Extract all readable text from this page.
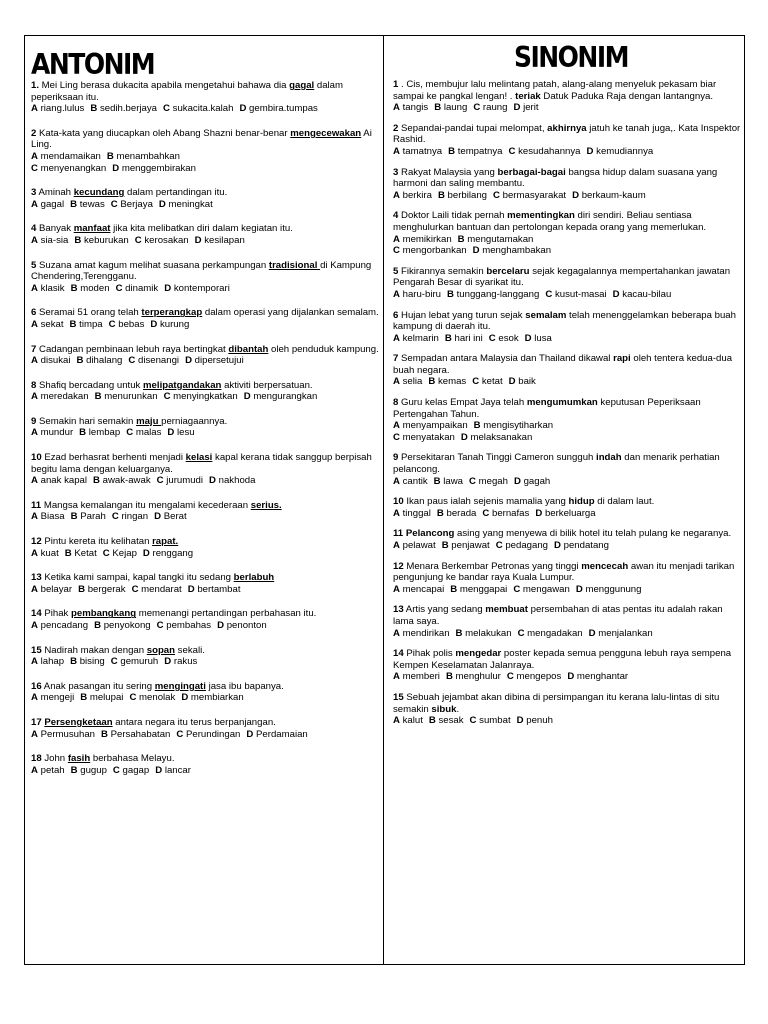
ANTONIM

1. Mei Ling berasa dukacita apabila mengetahui bahawa dia gagal dalam peperiksaan itu.

A riang.lulus B sedih.berjaya C sukacita.kalah D gembira.tumpas

2 Kata-kata yang diucapkan oleh Abang Shazni benar-benar mengecewakan Ai Ling.

A mendamaikan B menambahkan
C menyenangkan D menggembirakan

3 Aminah kecundang dalam pertandingan itu.

A gagal B tewas C Berjaya D meningkat

4 Banyak manfaat jika kita melibatkan diri dalam kegiatan itu.

A sia-sia B keburukan C kerosakan D kesilapan

5 Suzana amat kagum melihat suasana perkampungan tradisional di Kampung Chendering,Terengganu.

A klasik B moden C dinamik D kontemporari

6 Seramai 51 orang telah terperangkap dalam operasi yang dijalankan semalam.

A sekat B timpa C bebas D kurung

7 Cadangan pembinaan lebuh raya bertingkat dibantah oleh penduduk kampung.

A disukai B dihalang C disenangi D dipersetujui

8 Shafiq bercadang untuk melipatgandakan aktiviti berpersatuan.

A meredakan B menurunkan C menyingkatkan D mengurangkan

9 Semakin hari semakin maju perniagaannya.

A mundur B lembap C malas D lesu

10 Ezad berhasrat berhenti menjadi kelasi kapal kerana tidak sanggup berpisah begitu lama dengan keluarganya.

A anak kapal B awak-awak C jurumudi D nakhoda

11 Mangsa kemalangan itu mengalami kecederaan serius.

A Biasa B Parah C ringan D Berat

12 Pintu kereta itu kelihatan rapat.

A kuat B Ketat C Kejap D renggang

13 Ketika kami sampai, kapal tangki itu sedang berlabuh

A belayar B bergerak C mendarat D bertambat

14 Pihak pembangkang memenangi pertandingan perbahasan itu.

A pencadang B penyokong C pembahas D penonton

15 Nadirah makan dengan sopan sekali.

A lahap B bising C gemuruh D rakus

16 Anak pasangan itu sering mengingati jasa ibu bapanya.

A mengeji B melupai C menolak D membiarkan

17 Persengketaan antara negara itu terus berpanjangan.

A Permusuhan B Persahabatan C Perundingan D Perdamaian

18 John fasih berbahasa Melayu.

A petah B gugup C gagap D lancar
SINONIM

1 . Cis, membujur lalu melintang patah, alang-alang menyeluk pekasam biar sampai ke pangkal lengan! . teriak Datuk Paduka Raja dengan lantangnya.

A tangis B laung C raung D jerit

2 Sepandai-pandai tupai melompat, akhirnya jatuh ke tanah juga,. Kata Inspektor Rashid.

A tamatnya B tempatnya C kesudahannya D kemudiannya

3 Rakyat Malaysia yang berbagai-bagai bangsa hidup dalam suasana yang harmoni dan saling membantu.

A berkira B berbilang C bermasyarakat D berkaum-kaum

4 Doktor Laili tidak pernah mementingkan diri sendiri. Beliau sentiasa menghulurkan bantuan dan pertolongan kepada orang yang memerlukan.

A memikirkan B mengutamakan
C mengorbankan D menghambakan

5 Fikirannya semakin bercelaru sejak kegagalannya mempertahankan jawatan Pengarah Besar di syarikat itu.

A haru-biru B tunggang-langgang C kusut-masai D kacau-bilau

6 Hujan lebat yang turun sejak semalam telah menenggelamkan beberapa buah kampung di daerah itu.

A kelmarin B hari ini C esok D lusa

7 Sempadan antara Malaysia dan Thailand dikawal rapi oleh tentera kedua-dua buah negara.

A selia B kemas C ketat D baik

8 Guru kelas Empat Jaya telah mengumumkan keputusan Peperiksaan Pertengahan Tahun.

A menyampaikan B mengisytiharkan
C menyatakan D melaksanakan

9 Persekitaran Tanah Tinggi Cameron sungguh indah dan menarik perhatian pelancong.

A cantik B lawa C megah D gagah

10 Ikan paus ialah sejenis mamalia yang hidup di dalam laut.

A tinggal B berada C bernafas D berkeluarga

11 Pelancong asing yang menyewa di bilik hotel itu telah pulang ke negaranya.

A pelawat B penjawat C pedagang D pendatang

12 Menara Berkembar Petronas yang tinggi mencecah awan itu menjadi tarikan pengunjung ke bandar raya Kuala Lumpur.

A mencapai B menggapai C mengawan D menggunung

13 Artis yang sedang membuat persembahan di atas pentas itu adalah rakan lama saya.

A mendirikan B melakukan C mengadakan D menjalankan

14 Pihak polis mengedar poster kepada semua pengguna lebuh raya sempena Kempen Keselamatan Jalanraya.

A memberi B menghulur C mengepos D menghantar

15 Sebuah jejambat akan dibina di persimpangan itu kerana lalu-lintas di situ semakin sibuk.

A kalut B sesak C sumbat D penuh
